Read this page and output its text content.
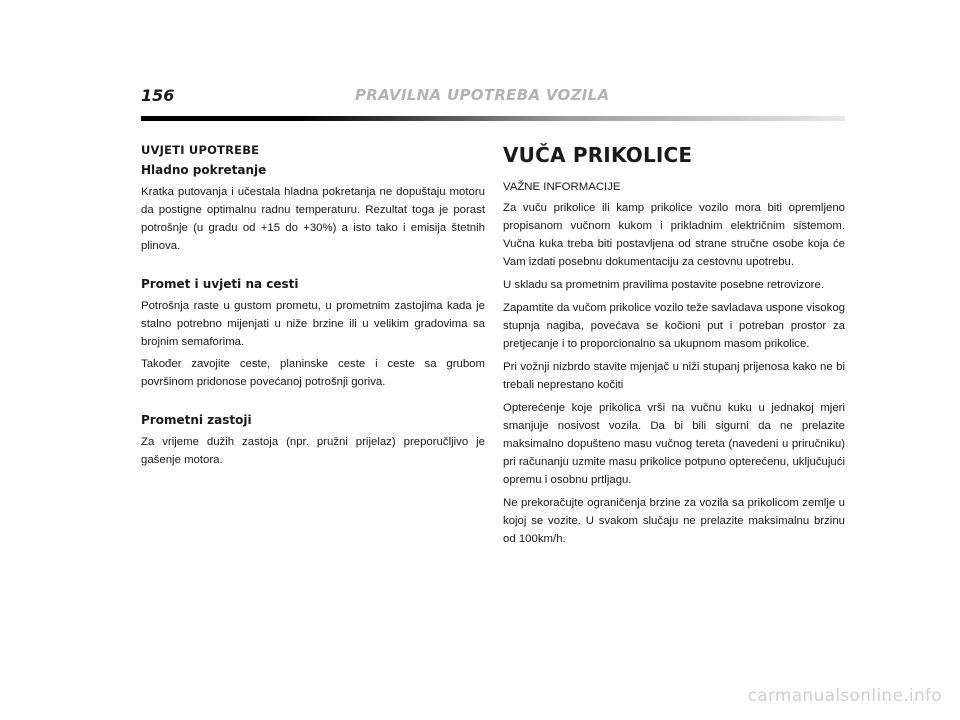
156	PRAVILNA UPOTREBA VOZILA
UVJETI UPOTREBE
Hladno pokretanje

Kratka putovanja i učestala hladna pokretanja ne dopuštaju motoru da postigne optimalnu radnu temperaturu. Rezultat toga je porast potrošnje (u gradu od +15 do +30%) a isto tako i emisija štetnih plinova.

Promet i uvjeti na cesti

Potrošnja raste u gustom prometu, u prometnim zastojima kada je stalno potrebno mijenjati u niže brzine ili u velikim gradovima sa brojnim semaforima.

Također zavojite ceste, planinske ceste i ceste sa grubom površinom pridonose povećanoj potrošnji goriva.

Prometni zastoji

Za vrijeme dužih zastoja (npr. pružni prijelaz) preporučljivo je gašenje motora.

VUČA PRIKOLICE

VAŽNE INFORMACIJE

Za vuču prikolice ili kamp prikolice vozilo mora biti opremljeno propisanom vučnom kukom i prikladnim električnim sistemom. Vučna kuka treba biti postavljena od strane stručne osobe koja će Vam izdati posebnu dokumentaciju za cestovnu upotrebu.

U skladu sa prometnim pravilima postavite posebne retrovizore.

Zapamtite da vučom prikolice vozilo teže savladava uspone visokog stupnja nagiba, povećava se kočioni put i potreban prostor za pretjecanje i to proporcionalno sa ukupnom masom prikolice.

Pri vožnji nizbrdo stavite mjenjač u niži stupanj prijenosa kako ne bi trebali neprestano kočiti

Opterećenje koje prikolica vrši na vučnu kuku u jednakoj mjeri smanjuje nosivost vozila. Da bi bili sigurni da ne prelazite maksimalno dopušteno masu vučnog tereta (navedeni u priručniku) pri računanju uzmite masu prikolice potpuno opterećenu, uključujući opremu i osobnu prtljagu.

Ne prekoračujte ograničenja brzine za vozila sa prikolicom zemlje u kojoj se vozite. U svakom slučaju ne prelazite maksimalnu brzinu od 100km/h.

carmanualsonline.info
